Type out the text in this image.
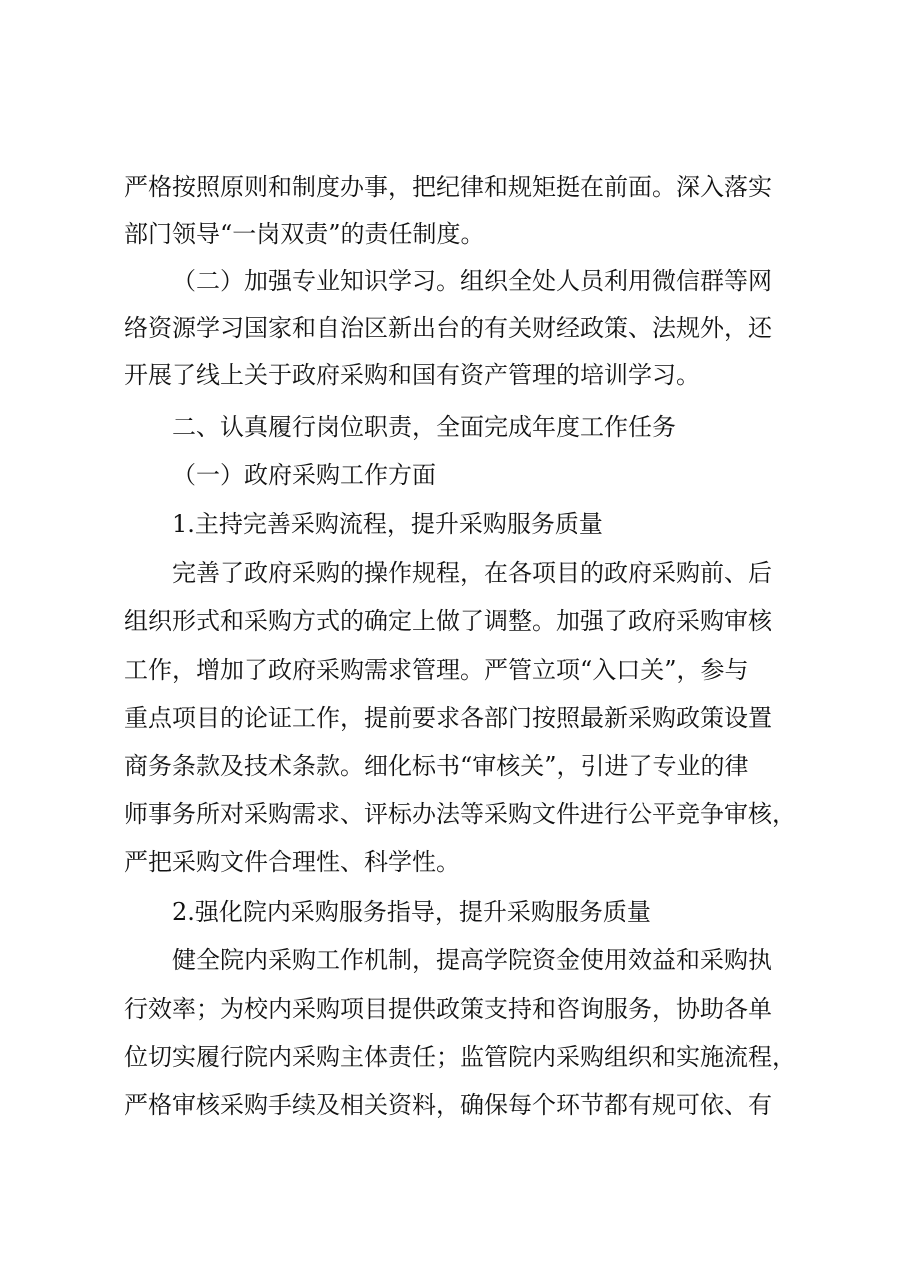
严格按照原则和制度办事，把纪律和规矩挺在前面。深入落实
部门领导“一岗双责”的责任制度。
（二）加强专业知识学习。组织全处人员利用微信群等网
络资源学习国家和自治区新出台的有关财经政策、法规外，还
开展了线上关于政府采购和国有资产管理的培训学习。
二、认真履行岗位职责，全面完成年度工作任务
（一）政府采购工作方面
1.主持完善采购流程，提升采购服务质量
完善了政府采购的操作规程，在各项目的政府采购前、后
组织形式和采购方式的确定上做了调整。加强了政府采购审核
工作，增加了政府采购需求管理。严管立项“入口关”，参与
重点项目的论证工作，提前要求各部门按照最新采购政策设置
商务条款及技术条款。细化标书“审核关”，引进了专业的律
师事务所对采购需求、评标办法等采购文件进行公平竞争审核，
严把采购文件合理性、科学性。
2.强化院内采购服务指导，提升采购服务质量
健全院内采购工作机制，提高学院资金使用效益和采购执
行效率；为校内采购项目提供政策支持和咨询服务，协助各单
位切实履行院内采购主体责任；监管院内采购组织和实施流程，
严格审核采购手续及相关资料，确保每个环节都有规可依、有
